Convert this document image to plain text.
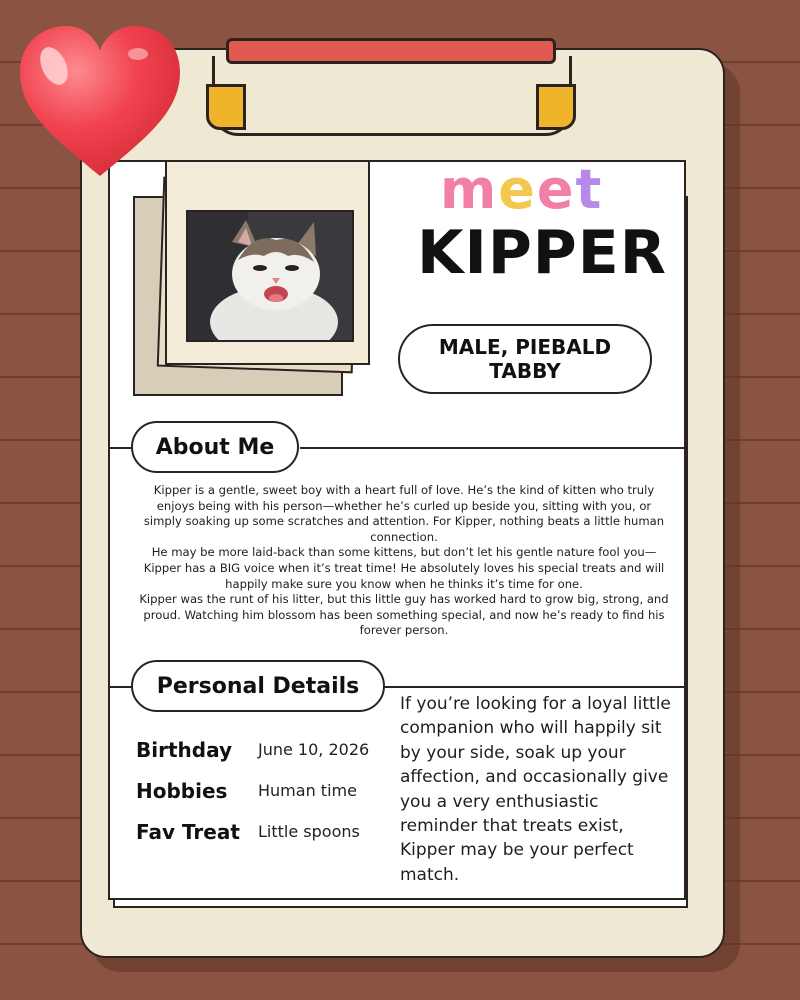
meet
KIPPER
MALE, PIEBALD TABBY
About Me

Kipper is a gentle, sweet boy with a heart full of love. He’s the kind of kitten who truly enjoys being with his person—whether he’s curled up beside you, sitting with you, or simply soaking up some scratches and attention. For Kipper, nothing beats a little human connection.

He may be more laid-back than some kittens, but don’t let his gentle nature fool you—Kipper has a BIG voice when it’s treat time! He absolutely loves his special treats and will happily make sure you know when he thinks it’s time for one.

Kipper was the runt of his litter, but this little guy has worked hard to grow big, strong, and proud. Watching him blossom has been something special, and now he’s ready to find his forever person.

Personal Details
Birthday June 10, 2026
Hobbies Human time
Fav Treat Little spoons
If you’re looking for a loyal little companion who will happily sit by your side, soak up your affection, and occasionally give you a very enthusiastic reminder that treats exist, Kipper may be your perfect match.
